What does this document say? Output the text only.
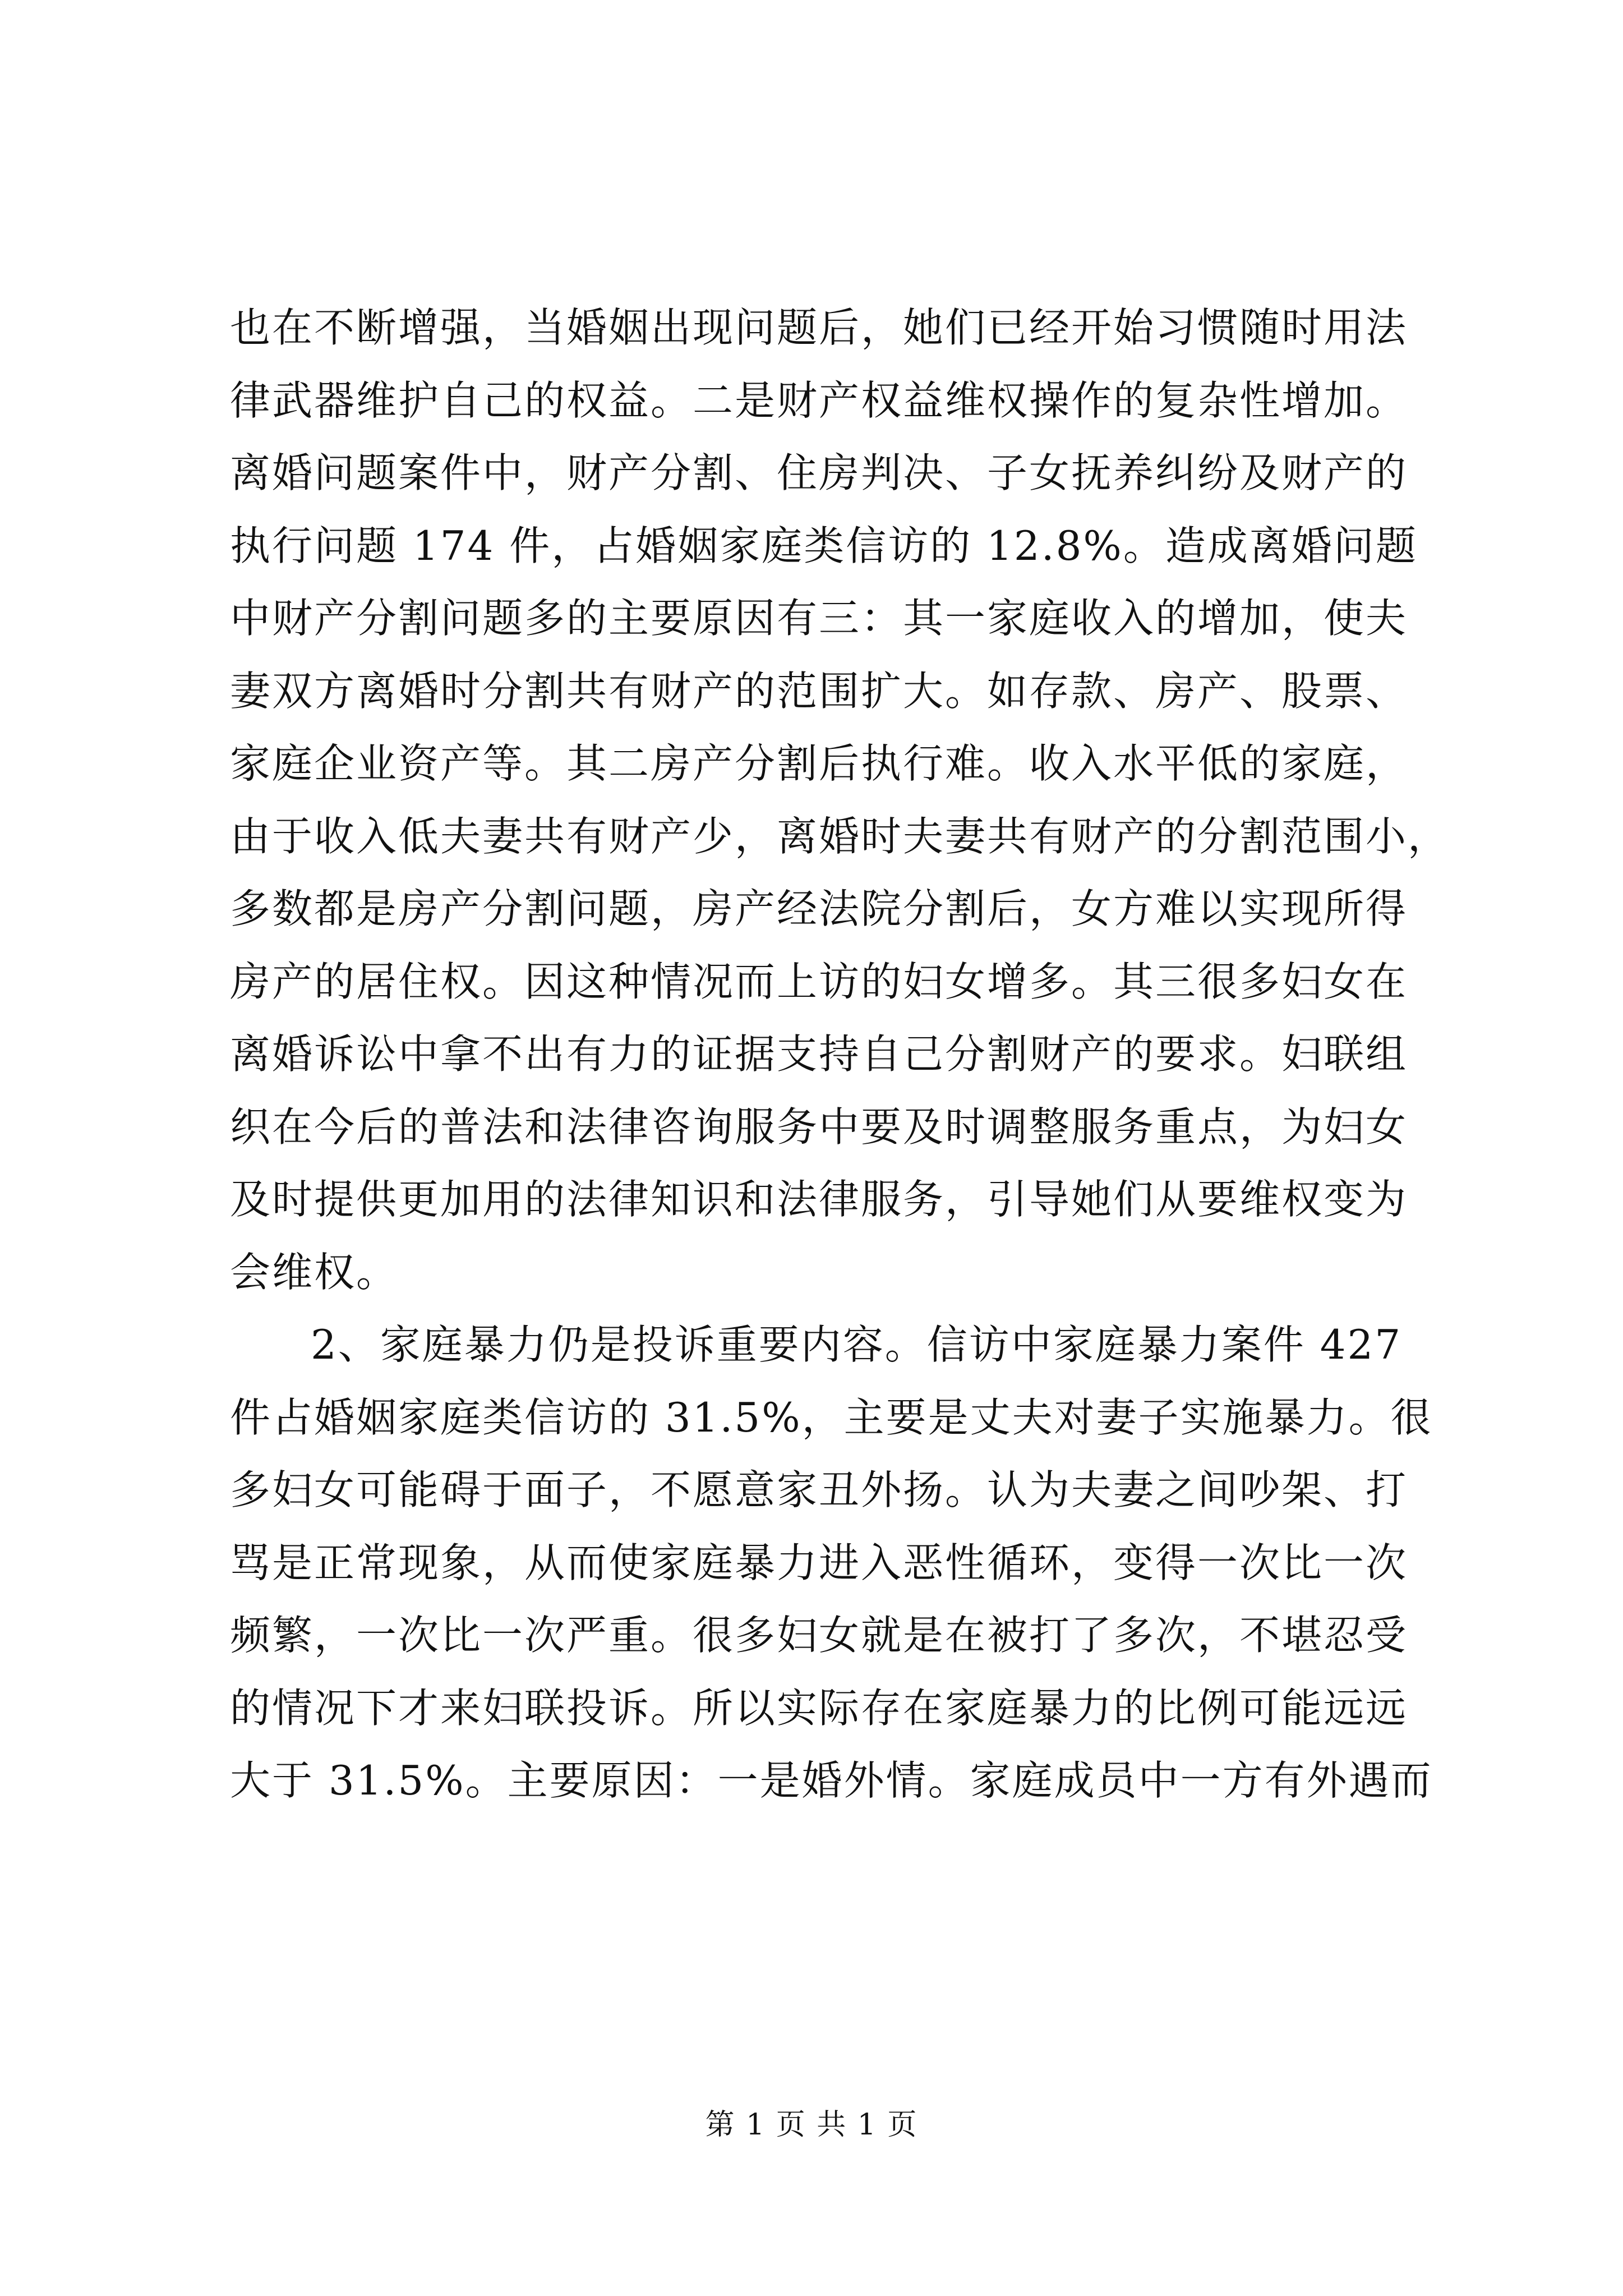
也在不断增强，当婚姻出现问题后，她们已经开始习惯随时用法
律武器维护自己的权益。二是财产权益维权操作的复杂性增加。
离婚问题案件中，财产分割、住房判决、子女抚养纠纷及财产的
执行问题 174 件，占婚姻家庭类信访的 12.8%。造成离婚问题
中财产分割问题多的主要原因有三：其一家庭收入的增加，使夫
妻双方离婚时分割共有财产的范围扩大。如存款、房产、股票、
家庭企业资产等。其二房产分割后执行难。收入水平低的家庭，
由于收入低夫妻共有财产少，离婚时夫妻共有财产的分割范围小，
多数都是房产分割问题，房产经法院分割后，女方难以实现所得
房产的居住权。因这种情况而上访的妇女增多。其三很多妇女在
离婚诉讼中拿不出有力的证据支持自己分割财产的要求。妇联组
织在今后的普法和法律咨询服务中要及时调整服务重点，为妇女
及时提供更加用的法律知识和法律服务，引导她们从要维权变为
会维权。
2、家庭暴力仍是投诉重要内容。信访中家庭暴力案件 427
件占婚姻家庭类信访的 31.5%，主要是丈夫对妻子实施暴力。很
多妇女可能碍于面子，不愿意家丑外扬。认为夫妻之间吵架、打
骂是正常现象，从而使家庭暴力进入恶性循环，变得一次比一次
频繁，一次比一次严重。很多妇女就是在被打了多次，不堪忍受
的情况下才来妇联投诉。所以实际存在家庭暴力的比例可能远远
大于 31.5%。主要原因：一是婚外情。家庭成员中一方有外遇而
第 1 页 共 1 页
